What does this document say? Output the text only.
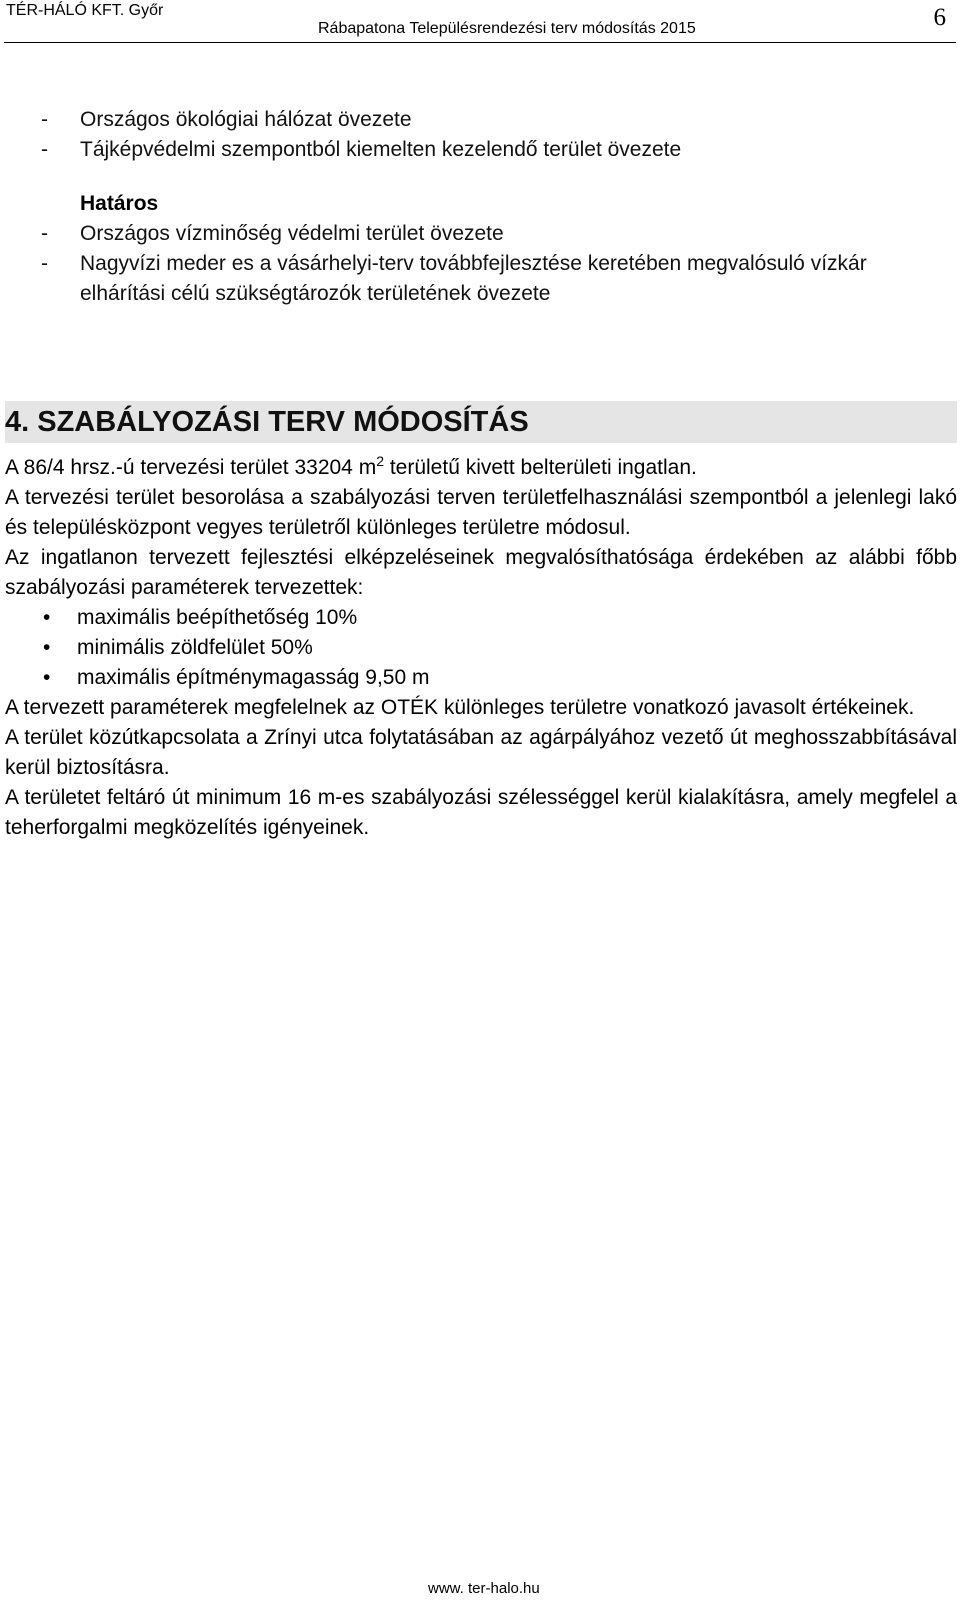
TÉR-HÁLÓ KFT. Győr
Rábapatona Településrendezési terv módosítás 2015	6
- Országos ökológiai hálózat övezete
- Tájképvédelmi szempontból kiemelten kezelendő terület övezete
Határos
- Országos vízminőség védelmi terület övezete
- Nagyvízi meder es a vásárhelyi-terv továbbfejlesztése keretében megvalósuló vízkár elhárítási célú szükségtározók területének övezete
4. SZABÁLYOZÁSI TERV MÓDOSÍTÁS

A 86/4 hrsz.-ú tervezési terület 33204 $m^2$ területű kivett belterületi ingatlan.

A tervezési terület besorolása a szabályozási terven területfelhasználási szempontból a jelenlegi lakó és településközpont vegyes területről különleges területre módosul.

Az ingatlanon tervezett fejlesztési elképzeléseinek megvalósíthatósága érdekében az alábbi főbb szabályozási paraméterek tervezettek:

• maximális beépíthetőség 10%
• minimális zöldfelület 50%
• maximális építménymagasság 9,50 m

A tervezett paraméterek megfelelnek az OTÉK különleges területre vonatkozó javasolt értékeinek.

A terület közútkapcsolata a Zrínyi utca folytatásában az agárpályához vezető út meghosszabbításával kerül biztosításra.

A területet feltáró út minimum 16 m-es szabályozási szélességgel kerül kialakításra, amely megfelel a teherforgalmi megközelítés igényeinek.

www. ter-halo.hu
